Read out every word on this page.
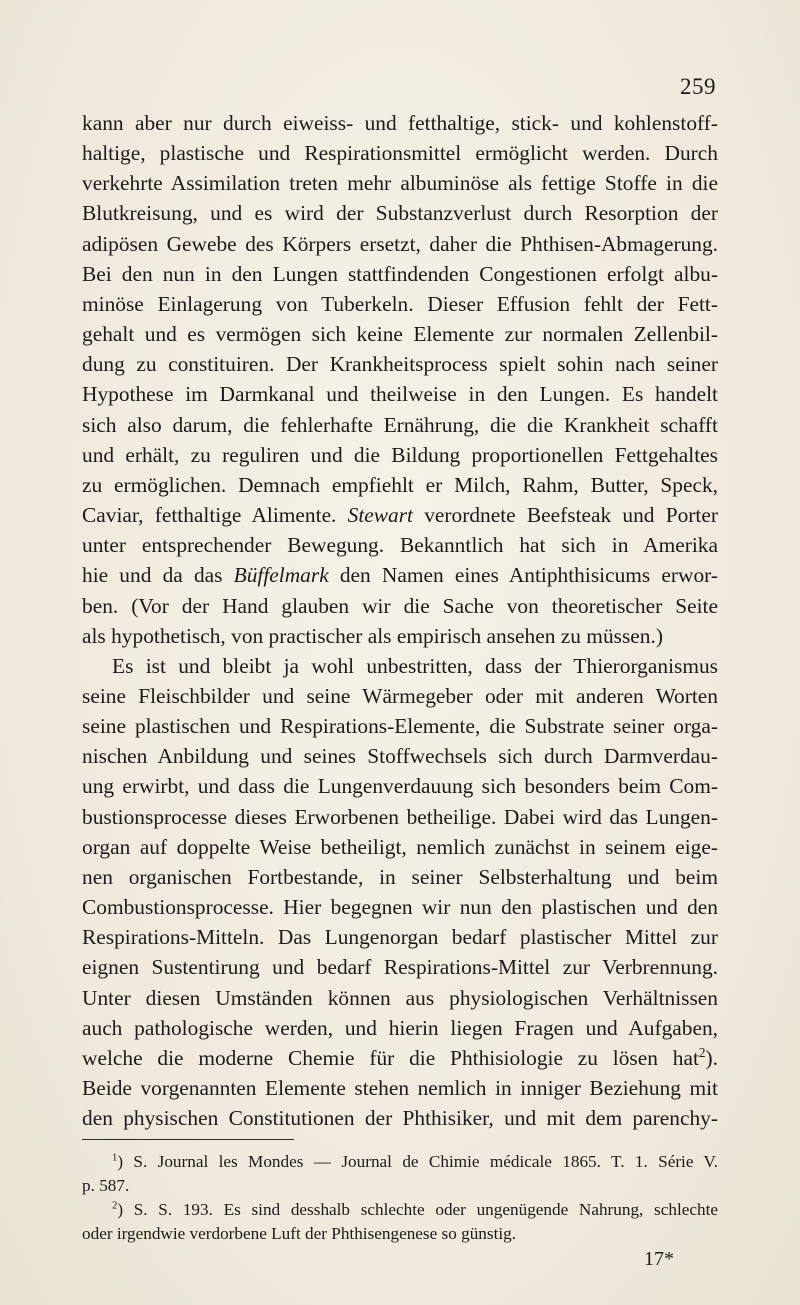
259
kann aber nur durch eiweiss- und fetthaltige, stick- und kohlenstoff-
haltige, plastische und Respirationsmittel ermöglicht werden. Durch
verkehrte Assimilation treten mehr albuminöse als fettige Stoffe in die
Blutkreisung, und es wird der Substanzverlust durch Resorption der
adipösen Gewebe des Körpers ersetzt, daher die Phthisen-Abmagerung.
Bei den nun in den Lungen stattfindenden Congestionen erfolgt albu-
minöse Einlagerung von Tuberkeln. Dieser Effusion fehlt der Fett-
gehalt und es vermögen sich keine Elemente zur normalen Zellenbil-
dung zu constituiren. Der Krankheitsprocess spielt sohin nach seiner
Hypothese im Darmkanal und theilweise in den Lungen. Es handelt
sich also darum, die fehlerhafte Ernährung, die die Krankheit schafft
und erhält, zu reguliren und die Bildung proportionellen Fettgehaltes
zu ermöglichen. Demnach empfiehlt er Milch, Rahm, Butter, Speck,
Caviar, fetthaltige Alimente. Stewart verordnete Beefsteak und Porter
unter entsprechender Bewegung. Bekanntlich hat sich in Amerika
hie und da das Büffelmark den Namen eines Antiphthisicums erwor-
ben. (Vor der Hand glauben wir die Sache von theoretischer Seite
als hypothetisch, von practischer als empirisch ansehen zu müssen.)
Es ist und bleibt ja wohl unbestritten, dass der Thierorganismus
seine Fleischbilder und seine Wärmegeber oder mit anderen Worten
seine plastischen und Respirations-Elemente, die Substrate seiner orga-
nischen Anbildung und seines Stoffwechsels sich durch Darmverdau-
ung erwirbt, und dass die Lungenverdauung sich besonders beim Com-
bustionsprocesse dieses Erworbenen betheilige. Dabei wird das Lungen-
organ auf doppelte Weise betheiligt, nemlich zunächst in seinem eige-
nen organischen Fortbestande, in seiner Selbsterhaltung und beim
Combustionsprocesse. Hier begegnen wir nun den plastischen und den
Respirations-Mitteln. Das Lungenorgan bedarf plastischer Mittel zur
eignen Sustentirung und bedarf Respirations-Mittel zur Verbrennung.
Unter diesen Umständen können aus physiologischen Verhältnissen
auch pathologische werden, und hierin liegen Fragen und Aufgaben,
welche die moderne Chemie für die Phthisiologie zu lösen hat$^2$).
Beide vorgenannten Elemente stehen nemlich in inniger Beziehung mit
den physischen Constitutionen der Phthisiker, und mit dem parenchy-
$^1$) S. Journal les Mondes — Journal de Chimie médicale 1865. T. 1. Série V.
p. 587.
$^2$) S. S. 193. Es sind desshalb schlechte oder ungenügende Nahrung, schlechte
oder irgendwie verdorbene Luft der Phthisengenese so günstig.
17*
